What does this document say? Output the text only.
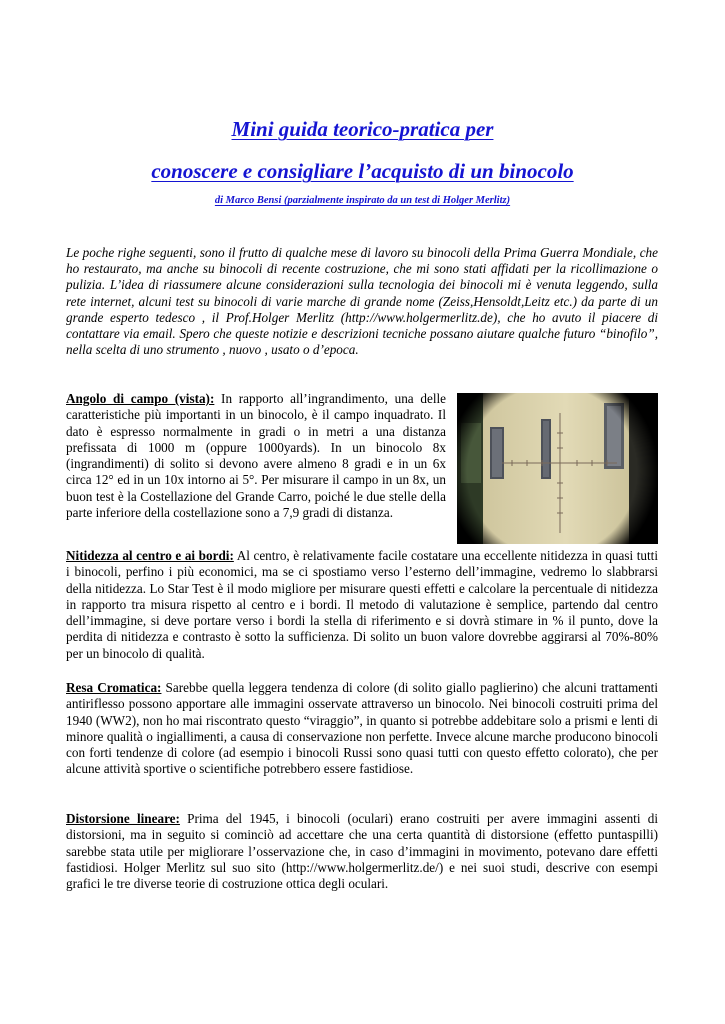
Mini guida teorico-pratica per
conoscere e consigliare l’acquisto di un binocolo
di Marco Bensi (parzialmente inspirato da un test di Holger Merlitz)

Le poche righe seguenti, sono il frutto di qualche mese di lavoro su binocoli della Prima Guerra Mondiale, che ho restaurato, ma anche su binocoli di recente costruzione, che mi sono stati affidati per la ricollimazione o pulizia. L’idea di riassumere alcune considerazioni sulla tecnologia dei binocoli mi è venuta leggendo, sulla rete internet, alcuni test su binocoli di varie marche di grande nome (Zeiss,Hensoldt,Leitz etc.) da parte di un grande esperto tedesco , il Prof.Holger Merlitz (http://www.holgermerlitz.de), che ho avuto il piacere di contattare via email. Spero che queste notizie e descrizioni tecniche possano aiutare qualche futuro “binofilo”, nella scelta di uno strumento , nuovo , usato o d’epoca.

Angolo di campo (vista): In rapporto all’ingrandimento, una delle caratteristiche più importanti in un binocolo, è il campo inquadrato. Il dato è espresso normalmente in gradi o in metri a una distanza prefissata di 1000 m (oppure 1000yards). In un binocolo 8x (ingrandimenti) di solito si devono avere almeno 8 gradi e in un 6x circa 12° ed in un 10x intorno ai 5°. Per misurare il campo in un 8x, un buon test è la Costellazione del Grande Carro, poiché le due stelle della parte inferiore della costellazione sono a 7,9 gradi di distanza.

Nitidezza al centro e ai bordi: Al centro, è relativamente facile costatare una eccellente nitidezza in quasi tutti i binocoli, perfino i più economici, ma se ci spostiamo verso l’esterno dell’immagine, vedremo lo slabbrarsi della nitidezza. Lo Star Test è il modo migliore per misurare questi effetti e calcolare la percentuale di nitidezza in rapporto tra misura rispetto al centro e i bordi. Il metodo di valutazione è semplice, partendo dal centro dell’immagine, si deve portare verso i bordi la stella di riferimento e si dovrà stimare in % il punto, dove la perdita di nitidezza e contrasto è sotto la sufficienza. Di solito un buon valore dovrebbe aggirarsi al 70%-80% per un binocolo di qualità.

Resa Cromatica: Sarebbe quella leggera tendenza di colore (di solito giallo paglierino) che alcuni trattamenti antiriflesso possono apportare alle immagini osservate attraverso un binocolo. Nei binocoli costruiti prima del 1940 (WW2), non ho mai riscontrato questo “viraggio”, in quanto si potrebbe addebitare solo a prismi e lenti di minore qualità o ingiallimenti, a causa di conservazione non perfette. Invece alcune marche producono binocoli con forti tendenze di colore (ad esempio i binocoli Russi sono quasi tutti con questo effetto colorato), che per alcune attività sportive o scientifiche potrebbero essere fastidiose.

Distorsione lineare: Prima del 1945, i binocoli (oculari) erano costruiti per avere immagini assenti di distorsioni, ma in seguito si cominciò ad accettare che una certa quantità di distorsione (effetto puntaspilli) sarebbe stata utile per migliorare l’osservazione che, in caso d’immagini in movimento, potevano dare effetti fastidiosi. Holger Merlitz sul suo sito (http://www.holgermerlitz.de/) e nei suoi studi, descrive con esempi grafici le tre diverse teorie di costruzione ottica degli oculari.
